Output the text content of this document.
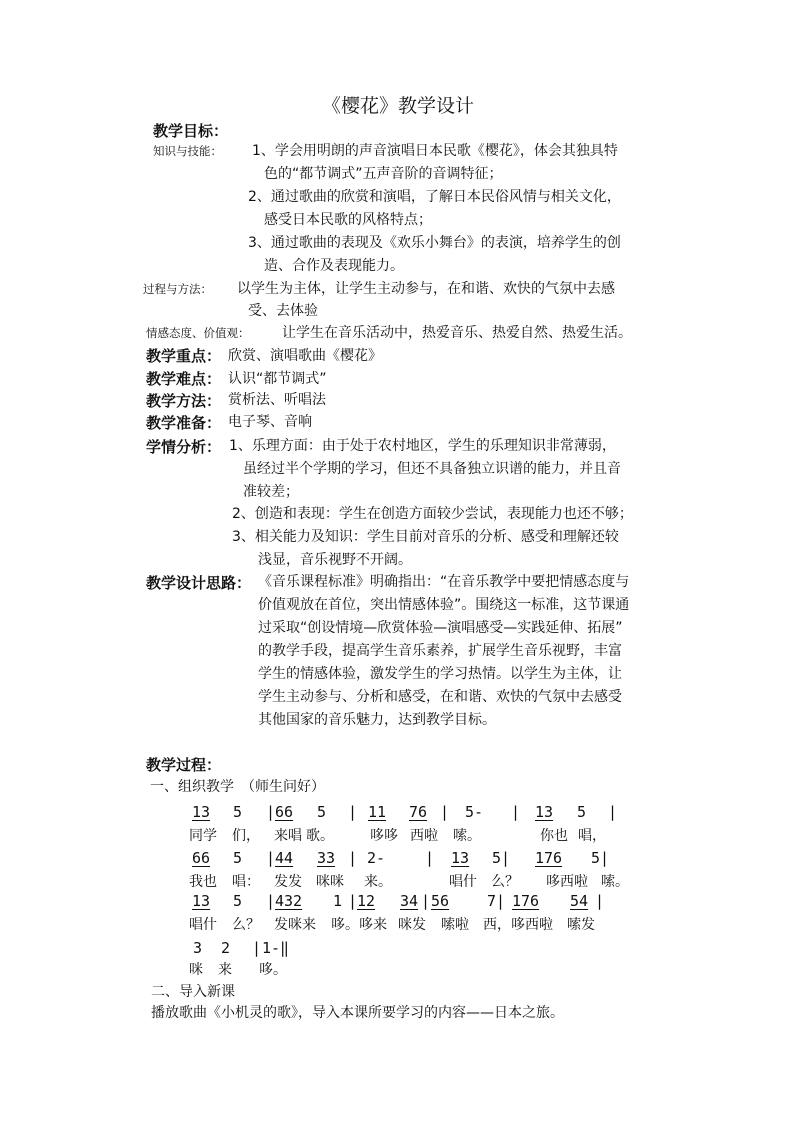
《樱花》教学设计
教学目标：
知识与技能： 1、学会用明朗的声音演唱日本民歌《樱花》，体会其独具特
色的“都节调式”五声音阶的音调特征；
2、通过歌曲的欣赏和演唱，了解日本民俗风情与相关文化，
感受日本民歌的风格特点；
3、通过歌曲的表现及《欢乐小舞台》的表演，培养学生的创
造、合作及表现能力。
过程与方法： 以学生为主体，让学生主动参与，在和谐、欢快的气氛中去感
受、去体验
情感态度、价值观： 让学生在音乐活动中，热爱音乐、热爱自然、热爱生活。
教学重点： 欣赏、演唱歌曲《樱花》
教学难点： 认识“都节调式”
教学方法： 赏析法、听唱法
教学准备： 电子琴、音响
学情分析： 1、乐理方面：由于处于农村地区，学生的乐理知识非常薄弱，
虽经过半个学期的学习，但还不具备独立识谱的能力，并且音
准较差；
2、创造和表现：学生在创造方面较少尝试，表现能力也还不够；
3、相关能力及知识：学生目前对音乐的分析、感受和理解还较
浅显，音乐视野不开阔。
教学设计思路： 《音乐课程标准》明确指出：“在音乐教学中要把情感态度与
价值观放在首位，突出情感体验”。围绕这一标准，这节课通
过采取“创设情境—欣赏体验—演唱感受—实践延伸、拓展”
的教学手段，提高学生音乐素养，扩展学生音乐视野，丰富
学生的情感体验，激发学生的学习热情。以学生为主体，让
学生主动参与、分析和感受，在和谐、欢快的气氛中去感受
其他国家的音乐魅力，达到教学目标。
教学过程：
一、组织教学　（师生问好）
13 5 | 66 5 | 11 76 | 5- | 13 5 |
同学 们， 来唱 歌。	哆哆 西啦 嗦。	你也 唱，
66 5 | 44 33 | 2-	| 13 5| 176 5|
我也 唱： 发发 咪咪 来。	唱什 么？ 哆西啦 嗦。
13 5 | 432 1 | 12 34 | 56	7| 176 54 |
唱什 么？ 发咪来 哆。哆来 咪发 嗦啦 西，哆西啦 嗦发
3 2 | 1-‖
咪 来 哆。
二、导入新课
播放歌曲《小机灵的歌》，导入本课所要学习的内容——日本之旅。
